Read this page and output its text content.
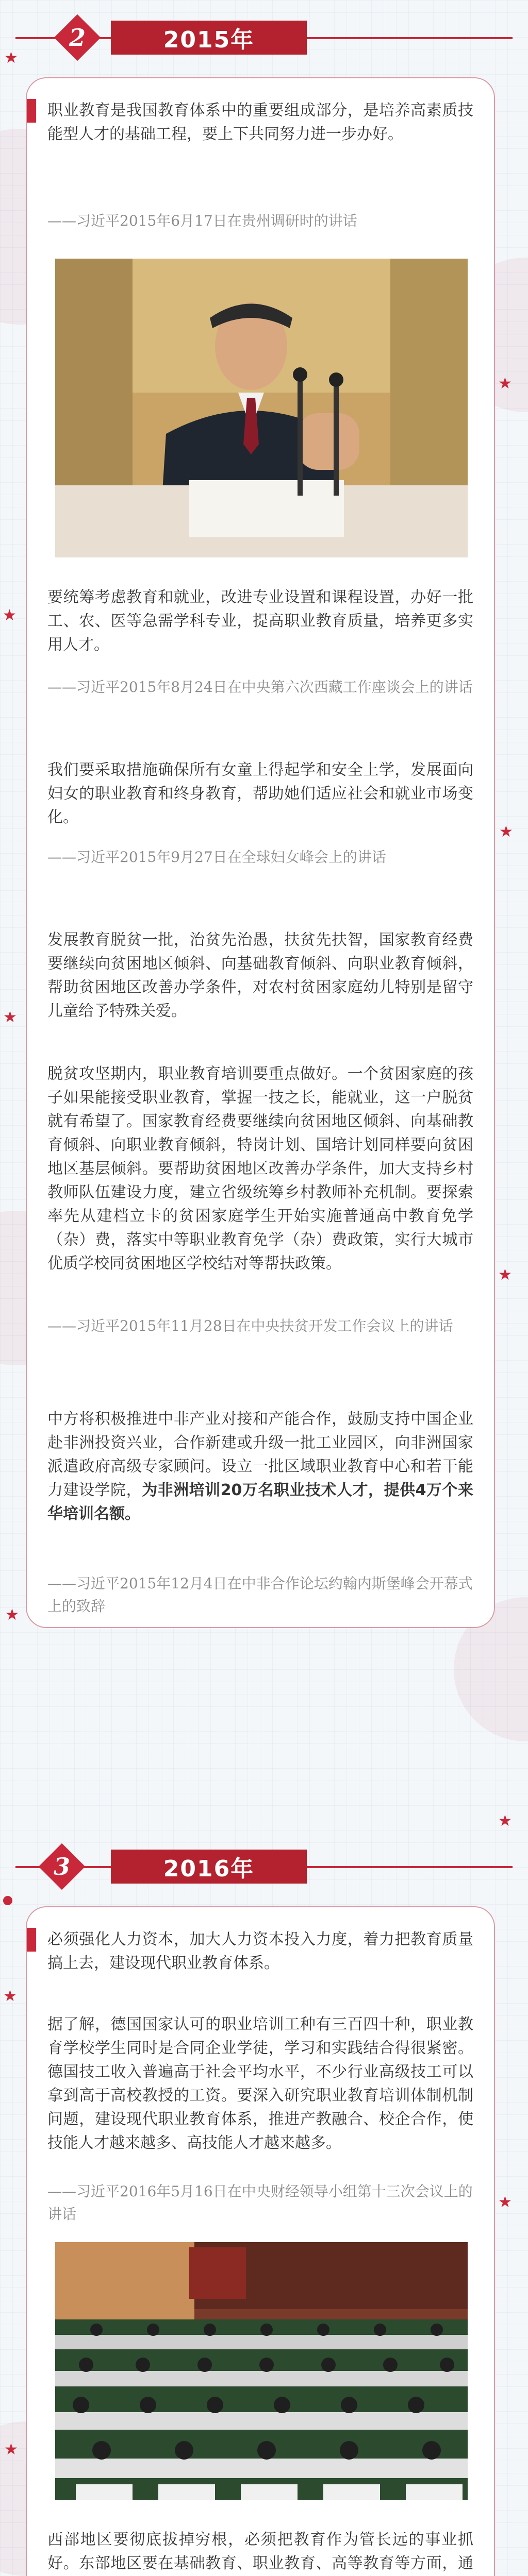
★
★
★
★
★
★
★
★
★
★
★
2	2015年
职业教育是我国教育体系中的重要组成部分，是培养高素质技能型人才的基础工程，要上下共同努力进一步办好。
——习近平2015年6月17日在贵州调研时的讲话
要统筹考虑教育和就业，改进专业设置和课程设置，办好一批工、农、医等急需学科专业，提高职业教育质量，培养更多实用人才。
——习近平2015年8月24日在中央第六次西藏工作座谈会上的讲话
我们要采取措施确保所有女童上得起学和安全上学，发展面向妇女的职业教育和终身教育，帮助她们适应社会和就业市场变化。
——习近平2015年9月27日在全球妇女峰会上的讲话
发展教育脱贫一批，治贫先治愚，扶贫先扶智，国家教育经费要继续向贫困地区倾斜、向基础教育倾斜、向职业教育倾斜，帮助贫困地区改善办学条件，对农村贫困家庭幼儿特别是留守儿童给予特殊关爱。
脱贫攻坚期内，职业教育培训要重点做好。一个贫困家庭的孩子如果能接受职业教育，掌握一技之长，能就业，这一户脱贫就有希望了。国家教育经费要继续向贫困地区倾斜、向基础教育倾斜、向职业教育倾斜，特岗计划、国培计划同样要向贫困地区基层倾斜。要帮助贫困地区改善办学条件，加大支持乡村教师队伍建设力度，建立省级统筹乡村教师补充机制。要探索率先从建档立卡的贫困家庭学生开始实施普通高中教育免学（杂）费，落实中等职业教育免学（杂）费政策，实行大城市优质学校同贫困地区学校结对等帮扶政策。
——习近平2015年11月28日在中央扶贫开发工作会议上的讲话
中方将积极推进中非产业对接和产能合作，鼓励支持中国企业赴非洲投资兴业，合作新建或升级一批工业园区，向非洲国家派遣政府高级专家顾问。设立一批区域职业教育中心和若干能力建设学院，为非洲培训20万名职业技术人才，提供4万个来华培训名额。
——习近平2015年12月4日在中非合作论坛约翰内斯堡峰会开幕式上的致辞
3	2016年
必须强化人力资本，加大人力资本投入力度，着力把教育质量搞上去，建设现代职业教育体系。
据了解，德国国家认可的职业培训工种有三百四十种，职业教育学校学生同时是合同企业学徒，学习和实践结合得很紧密。德国技工收入普遍高于社会平均水平，不少行业高级技工可以拿到高于高校教授的工资。要深入研究职业教育培训体制机制问题，建设现代职业教育体系，推进产教融合、校企合作，使技能人才越来越多、高技能人才越来越多。
——习近平2016年5月16日在中央财经领导小组第十三次会议上的讲话
西部地区要彻底拔掉穷根，必须把教育作为管长远的事业抓好。东部地区要在基础教育、职业教育、高等教育等方面，通
